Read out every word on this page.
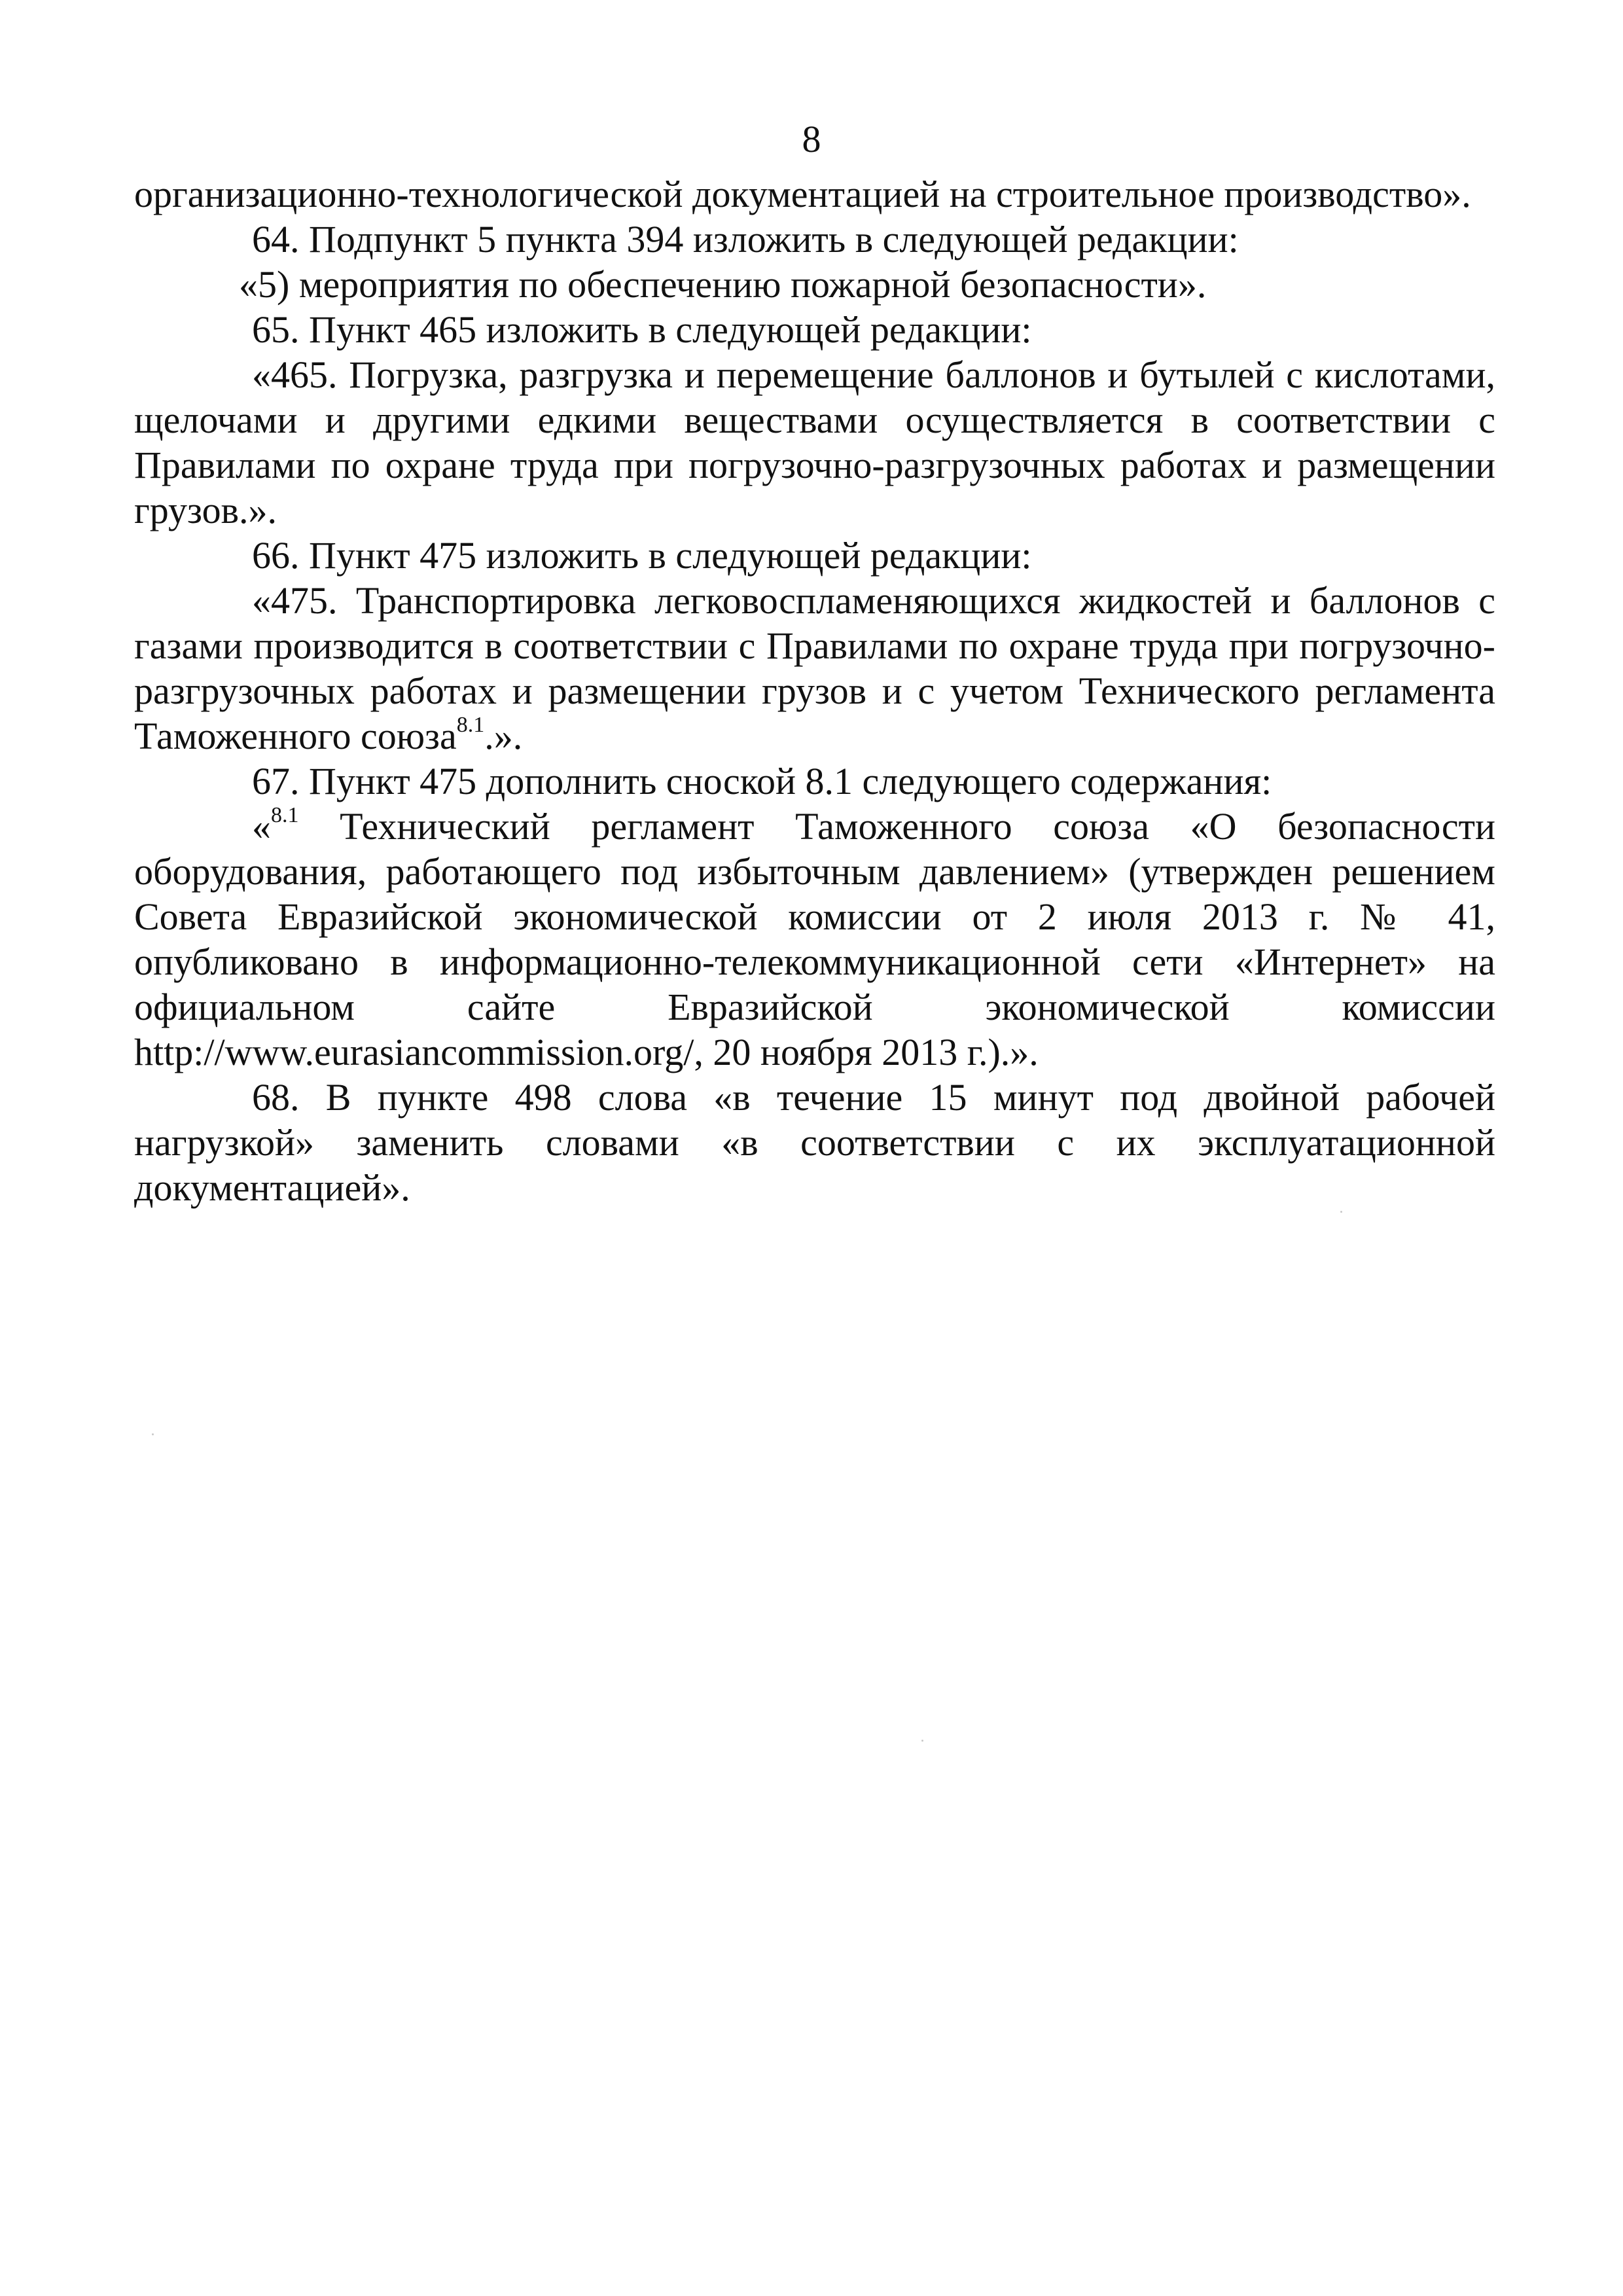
8

организационно-технологической документацией на строительное производство».

64. Подпункт 5 пункта 394 изложить в следующей редакции:

«5) мероприятия по обеспечению пожарной безопасности».

65. Пункт 465 изложить в следующей редакции:

«465. Погрузка, разгрузка и перемещение баллонов и бутылей с кислотами, щелочами и другими едкими веществами осуществляется в соответствии с Правилами по охране труда при погрузочно-разгрузочных работах и размещении грузов.».

66. Пункт 475 изложить в следующей редакции:

«475. Транспортировка легковоспламеняющихся жидкостей и баллонов с газами производится в соответствии с Правилами по охране труда при погрузочно-разгрузочных работах и размещении грузов и с учетом Технического регламента Таможенного союза$^{8.1}$.».

67. Пункт 475 дополнить сноской 8.1 следующего содержания:

«$^{8.1}$ Технический регламент Таможенного союза «О безопасности оборудования, работающего под избыточным давлением» (утвержден решением Совета Евразийской экономической комиссии от 2 июля 2013 г. № 41, опубликовано в информационно-телекоммуникационной сети «Интернет» на официальном сайте Евразийской экономической комиссии http://www.eurasiancommission.org/, 20 ноября 2013 г.).».

68. В пункте 498 слова «в течение 15 минут под двойной рабочей нагрузкой» заменить словами «в соответствии с их эксплуатационной документацией».
